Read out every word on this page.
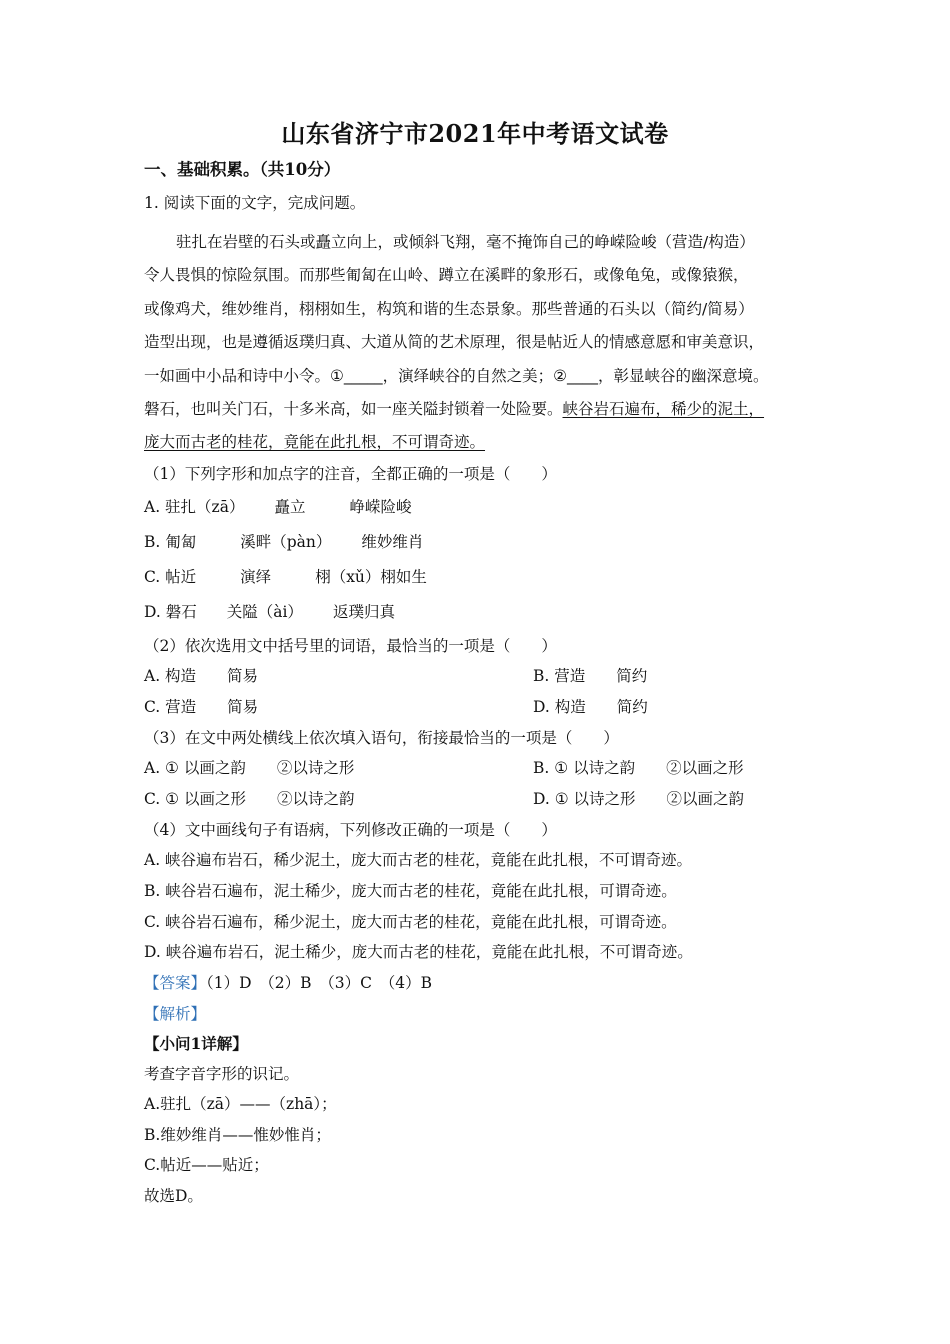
山东省济宁市2021年中考语文试卷
一、基础积累。（共10分）
1. 阅读下面的文字，完成问题。
驻扎在岩壁的石头或矗立向上，或倾斜飞翔，毫不掩饰自己的峥嵘险峻（营造/构造）
令人畏惧的惊险氛围。而那些匍匐在山岭、蹲立在溪畔的象形石，或像龟兔，或像猿猴，
或像鸡犬，维妙维肖，栩栩如生，构筑和谐的生态景象。那些普通的石头以（简约/简易）
造型出现，也是遵循返璞归真、大道从简的艺术原理，很是帖近人的情感意愿和审美意识，
一如画中小品和诗中小令。①_____，演绎峡谷的自然之美；②____，彰显峡谷的幽深意境。
磐石，也叫关门石，十多米高，如一座关隘封锁着一处险要。峡谷岩石遍布，稀少的泥土，
庞大而古老的桂花，竟能在此扎根，不可谓奇迹。
（1）下列字形和加点字的注音，全都正确的一项是（　　）
A. 驻扎（zā） 矗立	峥嵘险峻
B. 匍匐	溪畔（pàn） 维妙维肖
C. 帖近	演绎	栩（xǔ）栩如生
D. 磐石 关隘（ài） 返璞归真
（2）依次选用文中括号里的词语，最恰当的一项是（　　）
A. 构造　　简易	B. 营造　　简约
C. 营造　　简易	D. 构造　　简约
（3）在文中两处横线上依次填入语句，衔接最恰当的一项是（　　）
A. ① 以画之韵　　②以诗之形	B. ① 以诗之韵　　②以画之形
C. ① 以画之形　　②以诗之韵	D. ① 以诗之形　　②以画之韵
（4）文中画线句子有语病，下列修改正确的一项是（　　）
A. 峡谷遍布岩石，稀少泥土，庞大而古老的桂花，竟能在此扎根，不可谓奇迹。
B. 峡谷岩石遍布，泥土稀少，庞大而古老的桂花，竟能在此扎根，可谓奇迹。
C. 峡谷岩石遍布，稀少泥土，庞大而古老的桂花，竟能在此扎根，可谓奇迹。
D. 峡谷遍布岩石，泥土稀少，庞大而古老的桂花，竟能在此扎根，不可谓奇迹。
【答案】（1）D　（2）B　（3）C　（4）B
【解析】
【小问1详解】
考查字音字形的识记。
A.驻扎（zā）——（zhā）；
B.维妙维肖——惟妙惟肖；
C.帖近——贴近；
故选D。
